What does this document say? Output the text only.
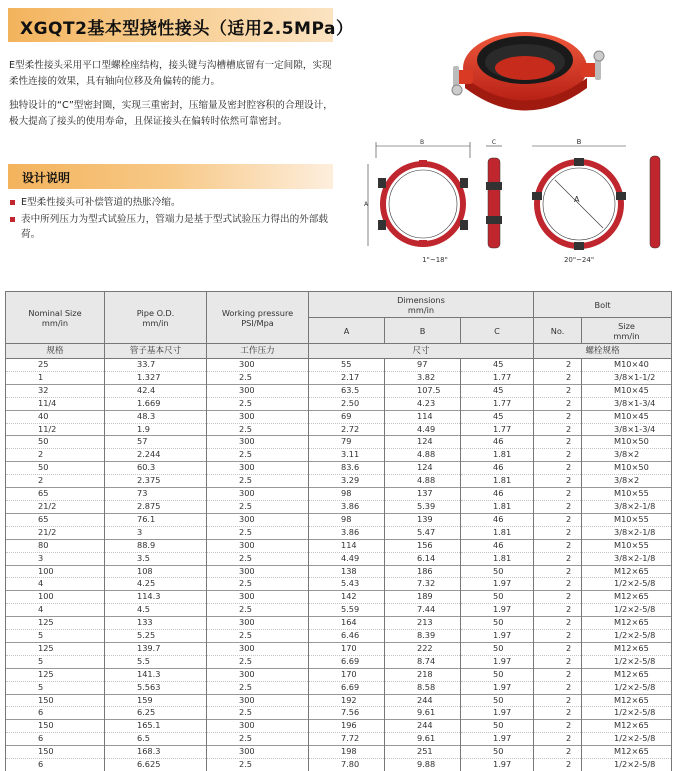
XGQT2基本型挠性接头（适用2.5MPa）

E型柔性接头采用平口型螺栓座结构，接头键与沟槽槽底留有一定间隙，实现柔性连接的效果，具有轴向位移及角偏转的能力。

独特设计的“C”型密封圈，实现三重密封，压缩量及密封腔容积的合理设计，极大提高了接头的使用寿命，且保证接头在偏转时依然可靠密封。

设计说明
E型柔性接头可补偿管道的热胀冷缩。
表中所列压力为型式试验压力，管端力是基于型式试验压力得出的外部载荷。
B
A
C
1"~18"
B
A
20"~24"
Nominal Size mm/in	Pipe O.D. mm/in	Working pressure PSI/Mpa	Dimensions mm/in			Bolt	
			A	B	C	No.	Size mm/in

规格	管子基本尺寸	工作压力	尺寸			螺栓规格	
25	33.7	300	55	97	45	2	M10×40
1	1.327	2.5	2.17	3.82	1.77	2	3/8×1-1/2
32	42.4	300	63.5	107.5	45	2	M10×45
11/4	1.669	2.5	2.50	4.23	1.77	2	3/8×1-3/4
40	48.3	300	69	114	45	2	M10×45
11/2	1.9	2.5	2.72	4.49	1.77	2	3/8×1-3/4
50	57	300	79	124	46	2	M10×50
2	2.244	2.5	3.11	4.88	1.81	2	3/8×2
50	60.3	300	83.6	124	46	2	M10×50
2	2.375	2.5	3.29	4.88	1.81	2	3/8×2
65	73	300	98	137	46	2	M10×55
21/2	2.875	2.5	3.86	5.39	1.81	2	3/8×2-1/8
65	76.1	300	98	139	46	2	M10×55
21/2	3	2.5	3.86	5.47	1.81	2	3/8×2-1/8
80	88.9	300	114	156	46	2	M10×55
3	3.5	2.5	4.49	6.14	1.81	2	3/8×2-1/8
100	108	300	138	186	50	2	M12×65
4	4.25	2.5	5.43	7.32	1.97	2	1/2×2-5/8
100	114.3	300	142	189	50	2	M12×65
4	4.5	2.5	5.59	7.44	1.97	2	1/2×2-5/8
125	133	300	164	213	50	2	M12×65
5	5.25	2.5	6.46	8.39	1.97	2	1/2×2-5/8
125	139.7	300	170	222	50	2	M12×65
5	5.5	2.5	6.69	8.74	1.97	2	1/2×2-5/8
125	141.3	300	170	218	50	2	M12×65
5	5.563	2.5	6.69	8.58	1.97	2	1/2×2-5/8
150	159	300	192	244	50	2	M12×65
6	6.25	2.5	7.56	9.61	1.97	2	1/2×2-5/8
150	165.1	300	196	244	50	2	M12×65
6	6.5	2.5	7.72	9.61	1.97	2	1/2×2-5/8
150	168.3	300	198	251	50	2	M12×65
6	6.625	2.5	7.80	9.88	1.97	2	1/2×2-5/8
